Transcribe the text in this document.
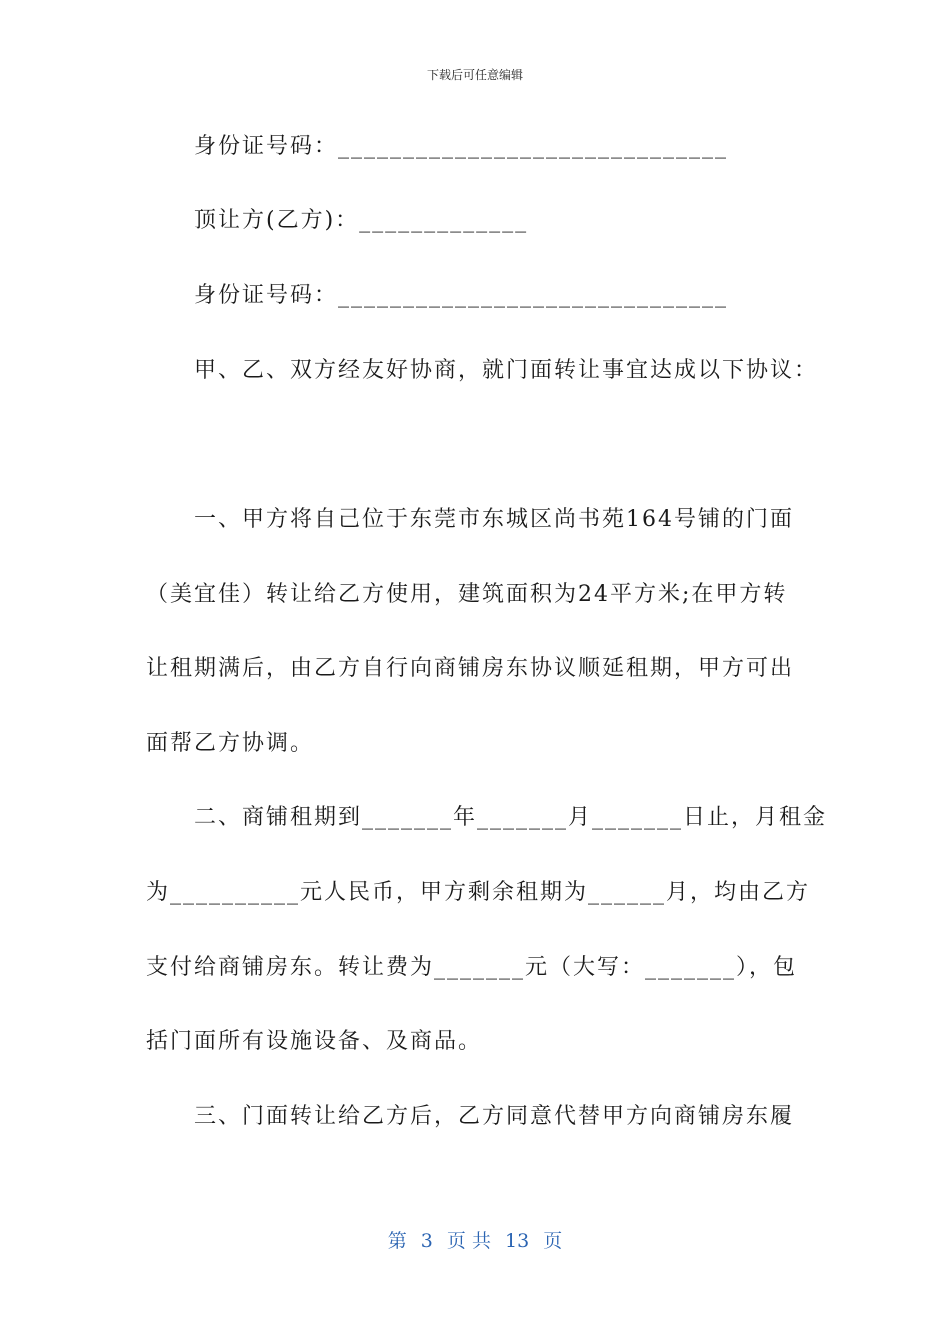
下载后可任意编辑
身份证号码：______________________________
顶让方(乙方)：_____________
身份证号码：______________________________
甲、乙、双方经友好协商，就门面转让事宜达成以下协议：
一、甲方将自己位于东莞市东城区尚书苑164号铺的门面
（美宜佳）转让给乙方使用，建筑面积为24平方米;在甲方转
让租期满后，由乙方自行向商铺房东协议顺延租期，甲方可出
面帮乙方协调。
二、商铺租期到_______年_______月_______日止，月租金
为__________元人民币，甲方剩余租期为______月，均由乙方
支付给商铺房东。转让费为_______元（大写：_______），包
括门面所有设施设备、及商品。
三、门面转让给乙方后，乙方同意代替甲方向商铺房东履
第 3 页 共 13 页
